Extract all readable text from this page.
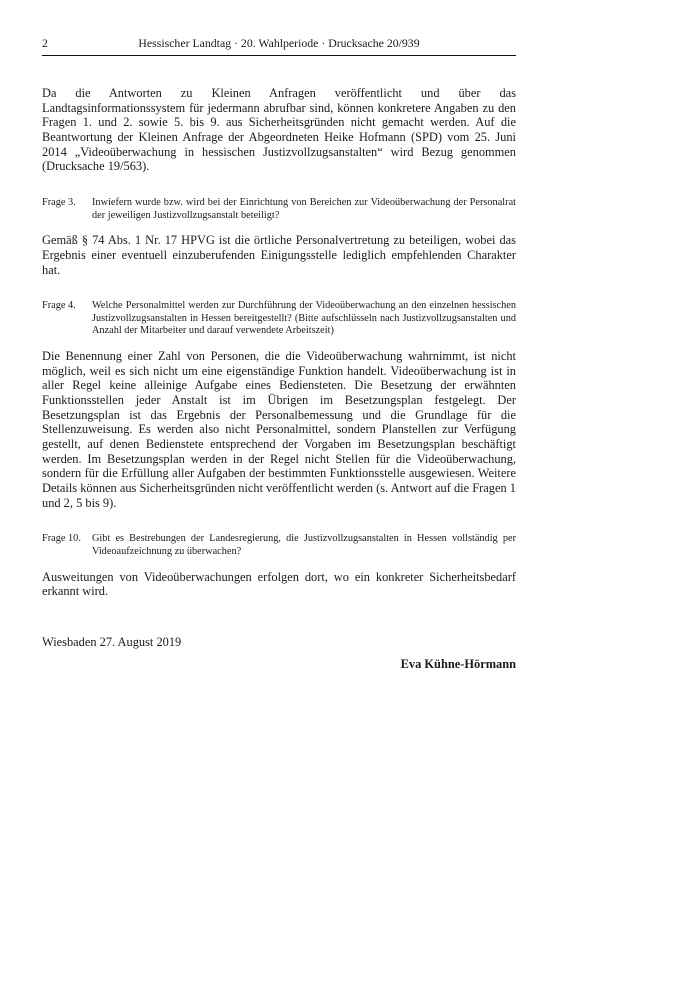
2	Hessischer Landtag · 20. Wahlperiode · Drucksache 20/939

Da die Antworten zu Kleinen Anfragen veröffentlicht und über das Landtagsinformationssystem für jedermann abrufbar sind, können konkretere Angaben zu den Fragen 1. und 2. sowie 5. bis 9. aus Sicherheitsgründen nicht gemacht werden. Auf die Beantwortung der Kleinen Anfrage der Abgeordneten Heike Hofmann (SPD) vom 25. Juni 2014 „Videoüberwachung in hessischen Justizvollzugsanstalten“ wird Bezug genommen (Drucksache 19/563).

Frage 3.	Inwiefern wurde bzw. wird bei der Einrichtung von Bereichen zur Videoüberwachung der Personalrat der jeweiligen Justizvollzugsanstalt beteiligt?

Gemäß § 74 Abs. 1 Nr. 17 HPVG ist die örtliche Personalvertretung zu beteiligen, wobei das Ergebnis einer eventuell einzuberufenden Einigungsstelle lediglich empfehlenden Charakter hat.

Frage 4.	Welche Personalmittel werden zur Durchführung der Videoüberwachung an den einzelnen hessischen Justizvollzugsanstalten in Hessen bereitgestellt? (Bitte aufschlüsseln nach Justizvollzugsanstalten und Anzahl der Mitarbeiter und darauf verwendete Arbeitszeit)

Die Benennung einer Zahl von Personen, die die Videoüberwachung wahrnimmt, ist nicht möglich, weil es sich nicht um eine eigenständige Funktion handelt. Videoüberwachung ist in aller Regel keine alleinige Aufgabe eines Bediensteten. Die Besetzung der erwähnten Funktionsstellen jeder Anstalt ist im Übrigen im Besetzungsplan festgelegt. Der Besetzungsplan ist das Ergebnis der Personalbemessung und die Grundlage für die Stellenzuweisung. Es werden also nicht Personalmittel, sondern Planstellen zur Verfügung gestellt, auf denen Bedienstete entsprechend der Vorgaben im Besetzungsplan beschäftigt werden. Im Besetzungsplan werden in der Regel nicht Stellen für die Videoüberwachung, sondern für die Erfüllung aller Aufgaben der bestimmten Funktionsstelle ausgewiesen. Weitere Details können aus Sicherheitsgründen nicht veröffentlicht werden (s. Antwort auf die Fragen 1 und 2, 5 bis 9).

Frage 10.	Gibt es Bestrebungen der Landesregierung, die Justizvollzugsanstalten in Hessen vollständig per Videoaufzeichnung zu überwachen?

Ausweitungen von Videoüberwachungen erfolgen dort, wo ein konkreter Sicherheitsbedarf erkannt wird.

Wiesbaden 27. August 2019

Eva Kühne-Hörmann
